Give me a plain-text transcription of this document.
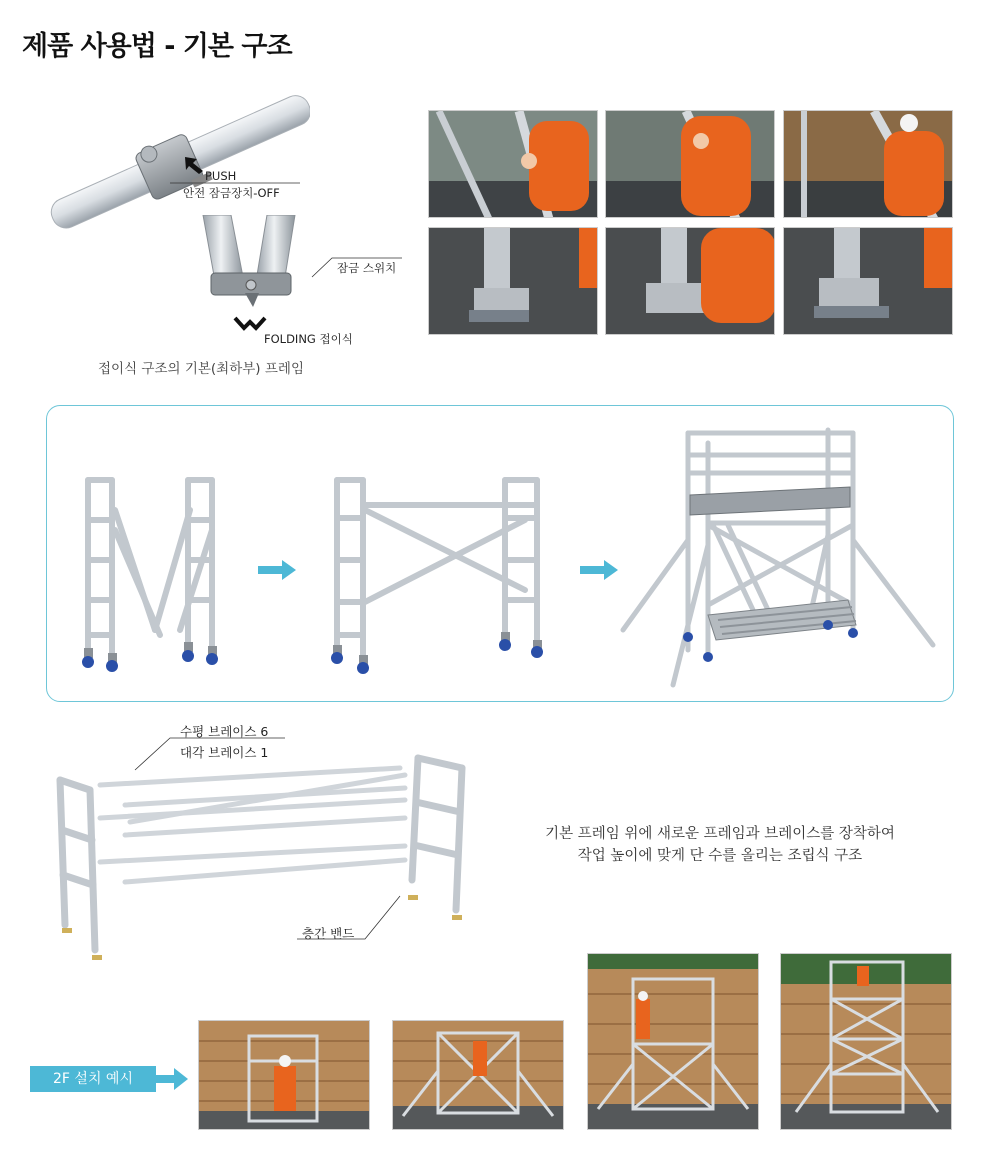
제품 사용법 - 기본 구조
PUSH
안전 잠금장치-OFF
잠금 스위치
FOLDING 접이식
접이식 구조의 기본(최하부) 프레임
수평 브레이스 6
대각 브레이스 1
층간 밴드
기본 프레임 위에 새로운 프레임과 브레이스를 장착하여
작업 높이에 맞게 단 수를 올리는 조립식 구조
2F 설치 예시
